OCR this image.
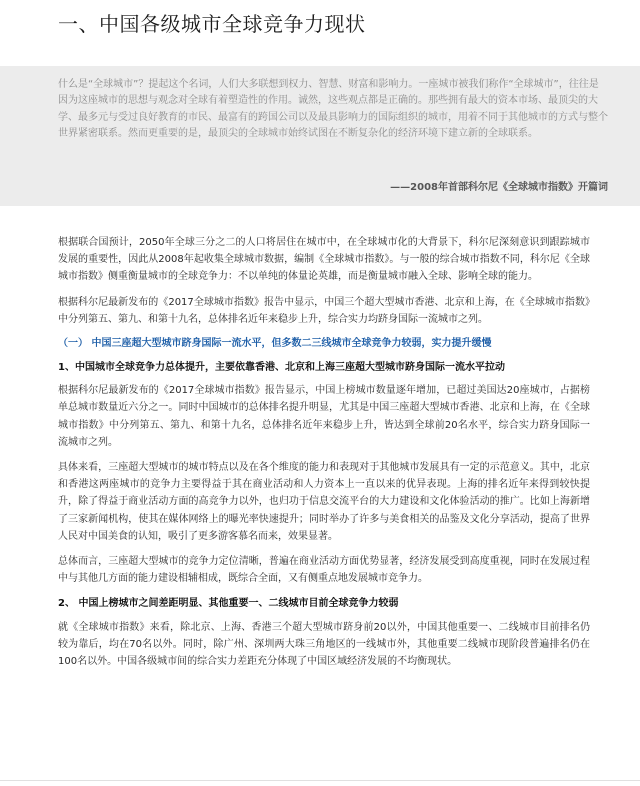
一、中国各级城市全球竞争力现状

什么是“全球城市”？提起这个名词，人们大多联想到权力、智慧、财富和影响力。一座城市被我们称作“全球城市”，往往是因为这座城市的思想与观念对全球有着塑造性的作用。诚然，这些观点都是正确的。那些拥有最大的资本市场、最顶尖的大学、最多元与受过良好教育的市民、最富有的跨国公司以及最具影响力的国际组织的城市，用着不同于其他城市的方式与整个世界紧密联系。然而更重要的是，最顶尖的全球城市始终试图在不断复杂化的经济环境下建立新的全球联系。

——2008年首部科尔尼《全球城市指数》开篇词

根据联合国预计，2050年全球三分之二的人口将居住在城市中，在全球城市化的大背景下，科尔尼深刻意识到跟踪城市发展的重要性，因此从2008年起收集全球城市数据，编制《全球城市指数》。与一般的综合城市指数不同，科尔尼《全球城市指数》侧重衡量城市的全球竞争力：不以单纯的体量论英雄，而是衡量城市融入全球、影响全球的能力。

根据科尔尼最新发布的《2017全球城市指数》报告中显示，中国三个超大型城市香港、北京和上海，在《全球城市指数》中分列第五、第九、和第十九名，总体排名近年来稳步上升，综合实力均跻身国际一流城市之列。

（一） 中国三座超大型城市跻身国际一流水平，但多数二三线城市全球竞争力较弱，实力提升缓慢
1、中国城市全球竞争力总体提升，主要依靠香港、北京和上海三座超大型城市跻身国际一流水平拉动

根据科尔尼最新发布的《2017全球城市指数》报告显示，中国上榜城市数量逐年增加，已超过美国达20座城市，占据榜单总城市数量近六分之一。同时中国城市的总体排名提升明显，尤其是中国三座超大型城市香港、北京和上海，在《全球城市指数》中分列第五、第九、和第十九名，总体排名近年来稳步上升，皆达到全球前20名水平，综合实力跻身国际一流城市之列。

具体来看，三座超大型城市的城市特点以及在各个维度的能力和表现对于其他城市发展具有一定的示范意义。其中，北京和香港这两座城市的竞争力主要得益于其在商业活动和人力资本上一直以来的优异表现。上海的排名近年来得到较快提升，除了得益于商业活动方面的高竞争力以外，也归功于信息交流平台的大力建设和文化体验活动的推广。比如上海新增了三家新闻机构，使其在媒体网络上的曝光率快速提升；同时举办了许多与美食相关的品鉴及文化分享活动，提高了世界人民对中国美食的认知，吸引了更多游客慕名而来，效果显著。

总体而言，三座超大型城市的竞争力定位清晰，普遍在商业活动方面优势显著，经济发展受到高度重视，同时在发展过程中与其他几方面的能力建设相辅相成，既综合全面，又有侧重点地发展城市竞争力。

2、 中国上榜城市之间差距明显、其他重要一、二线城市目前全球竞争力较弱

就《全球城市指数》来看，除北京、上海、香港三个超大型城市跻身前20以外，中国其他重要一、二线城市目前排名仍较为靠后，均在70名以外。同时，除广州、深圳两大珠三角地区的一线城市外，其他重要二线城市现阶段普遍排名仍在100名以外。中国各级城市间的综合实力差距充分体现了中国区域经济发展的不均衡现状。
